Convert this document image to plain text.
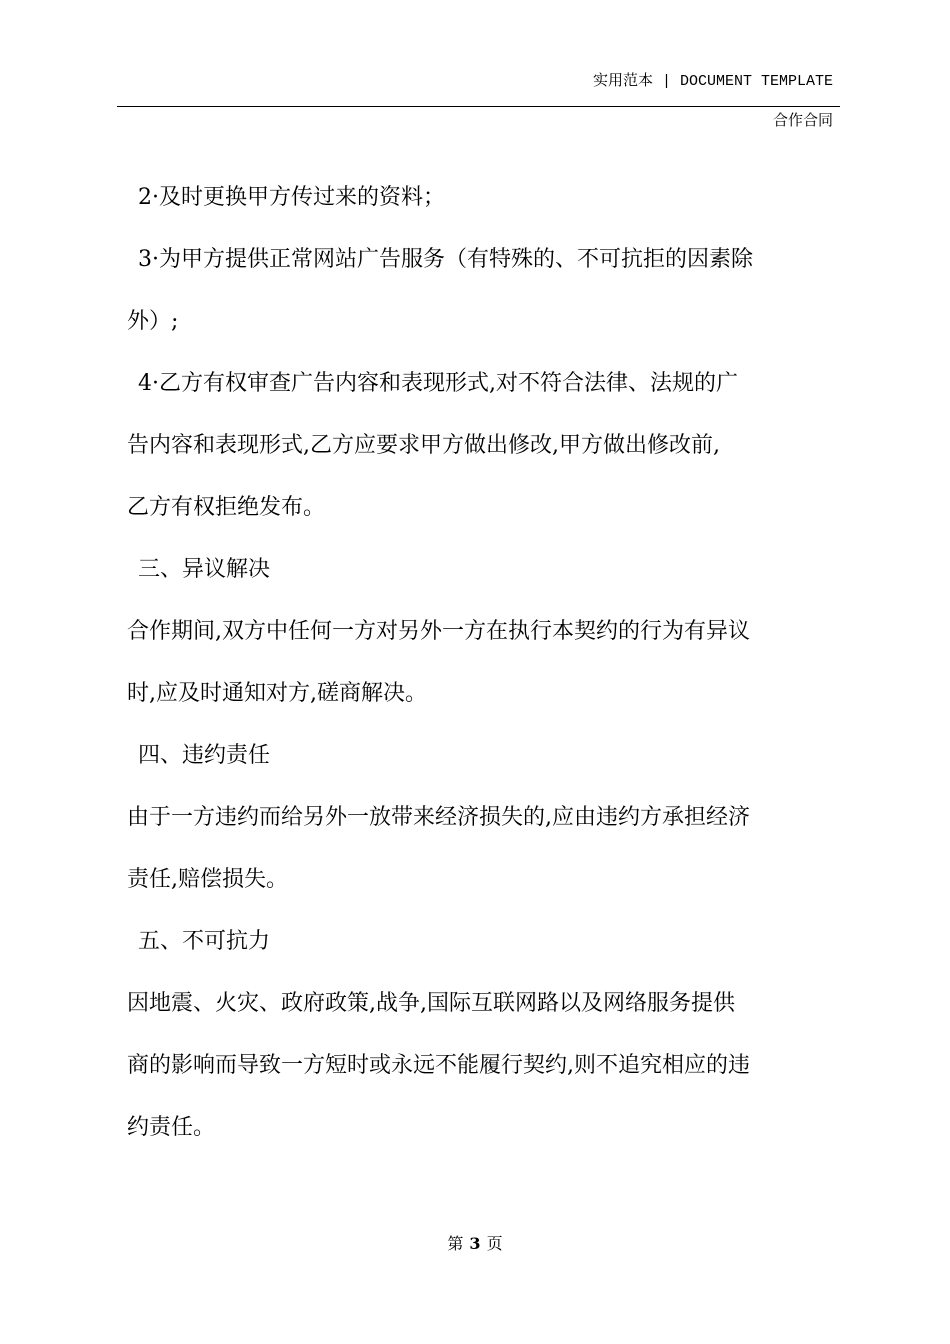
实用范本 | DOCUMENT TEMPLATE
合作合同

2·及时更换甲方传过来的资料；

3·为甲方提供正常网站广告服务（有特殊的、不可抗拒的因素除

外）;

4·乙方有权审查广告内容和表现形式,对不符合法律、法规的广

告内容和表现形式,乙方应要求甲方做出修改,甲方做出修改前,

乙方有权拒绝发布。

三、异议解决

合作期间,双方中任何一方对另外一方在执行本契约的行为有异议

时,应及时通知对方,磋商解决。

四、违约责任

由于一方违约而给另外一放带来经济损失的,应由违约方承担经济

责任,赔偿损失。

五、不可抗力

因地震、火灾、政府政策,战争,国际互联网路以及网络服务提供

商的影响而导致一方短时或永远不能履行契约,则不追究相应的违

约责任。

第 3 页
